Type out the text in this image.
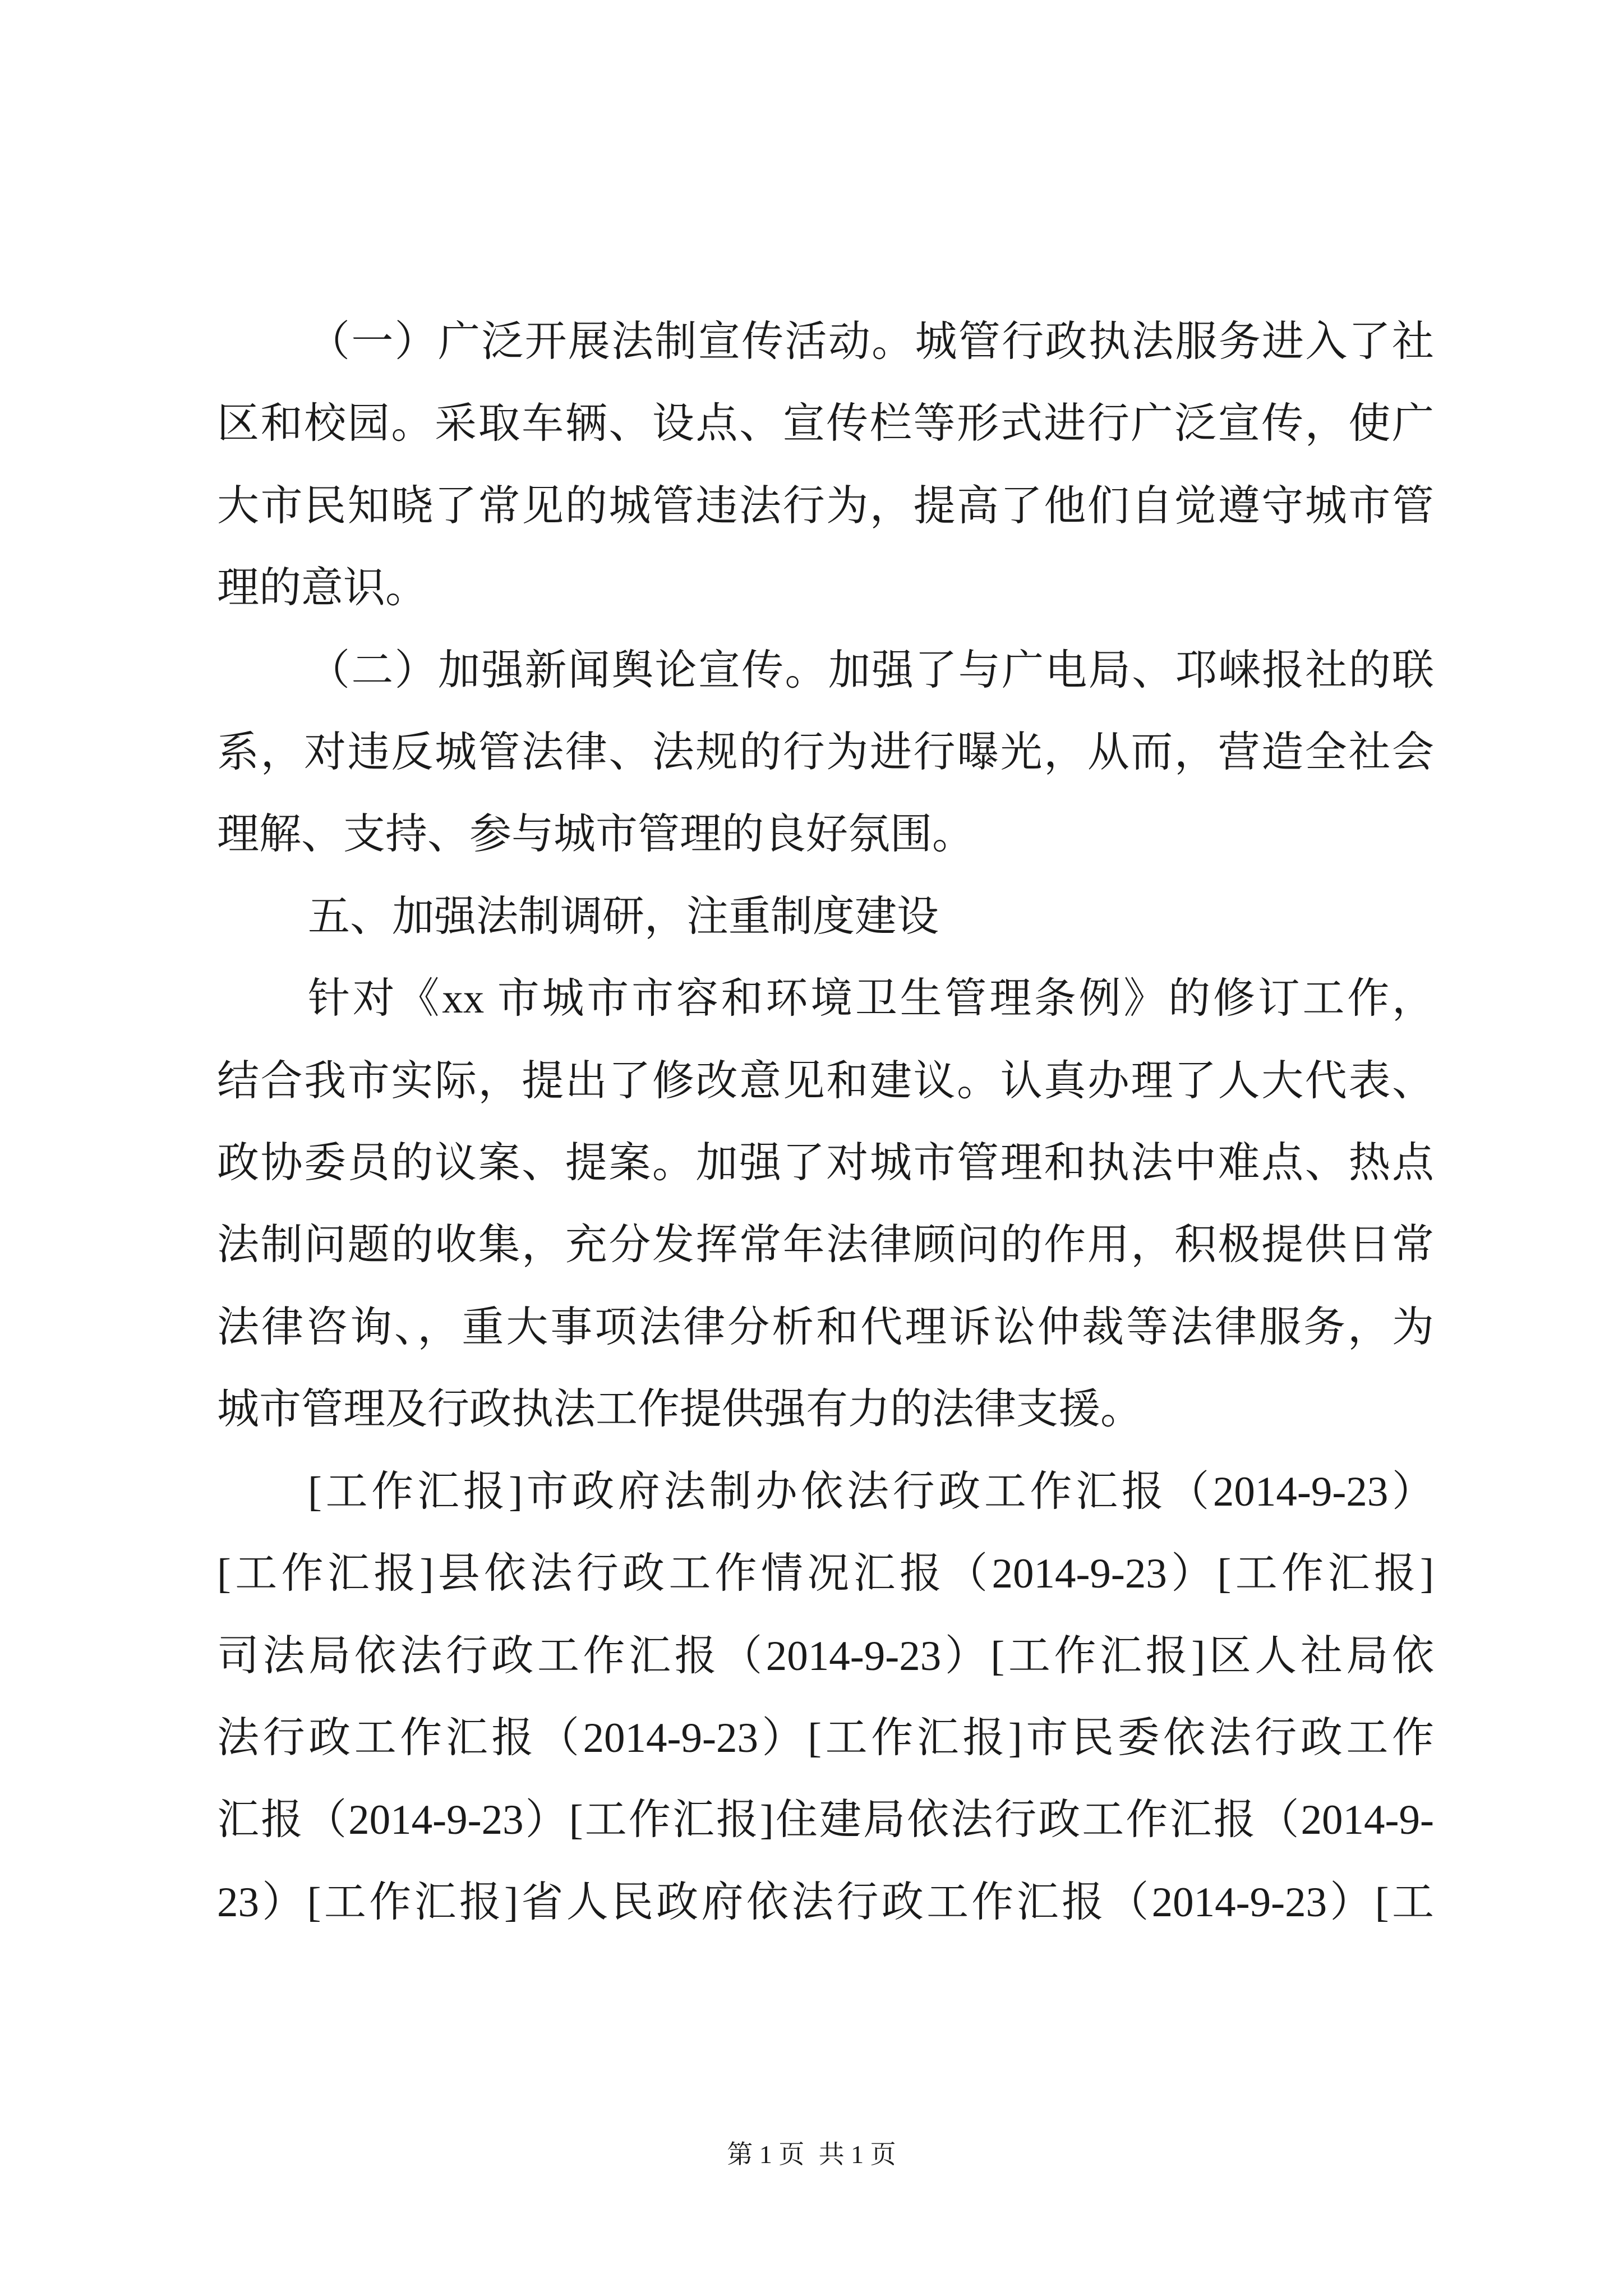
（一）广泛开展法制宣传活动。城管行政执法服务进入了社
区和校园。采取车辆、设点、宣传栏等形式进行广泛宣传，使广
大市民知晓了常见的城管违法行为，提高了他们自觉遵守城市管
理的意识。
（二）加强新闻舆论宣传。加强了与广电局、邛崃报社的联
系，对违反城管法律、法规的行为进行曝光，从而，营造全社会
理解、支持、参与城市管理的良好氛围。
五、加强法制调研，注重制度建设
针对《xx 市城市市容和环境卫生管理条例》的修订工作，
结合我市实际，提出了修改意见和建议。认真办理了人大代表、
政协委员的议案、提案。加强了对城市管理和执法中难点、热点
法制问题的收集，充分发挥常年法律顾问的作用，积极提供日常
法律咨询、，重大事项法律分析和代理诉讼仲裁等法律服务，为
城市管理及行政执法工作提供强有力的法律支援。
[工作汇报]市政府法制办依法行政工作汇报（2014-9-23）
[工作汇报]县依法行政工作情况汇报（2014-9-23）[工作汇报]
司法局依法行政工作汇报（2014-9-23）[工作汇报]区人社局依
法行政工作汇报（2014-9-23）[工作汇报]市民委依法行政工作
汇报（2014-9-23）[工作汇报]住建局依法行政工作汇报（2014-9-
23）[工作汇报]省人民政府依法行政工作汇报（2014-9-23）[工
第 1 页 共 1 页
